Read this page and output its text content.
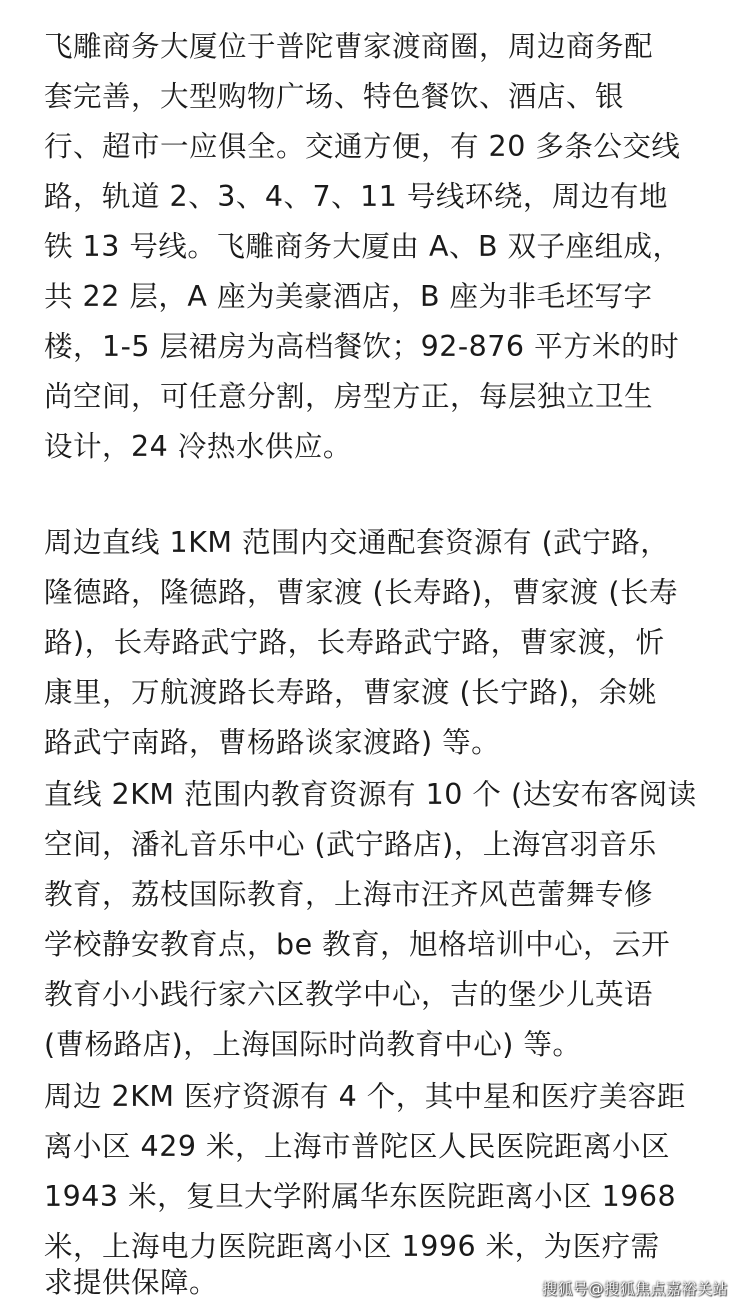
飞雕商务大厦位于普陀曹家渡商圈，周边商务配
套完善，大型购物广场、特色餐饮、酒店、银
行、超市一应俱全。交通方便，有 20 多条公交线
路，轨道 2、3、4、7、11 号线环绕，周边有地
铁 13 号线。飞雕商务大厦由 A、B 双子座组成，
共 22 层，A 座为美豪酒店，B 座为非毛坯写字
楼，1-5 层裙房为高档餐饮；92-876 平方米的时
尚空间，可任意分割，房型方正，每层独立卫生
设计，24 冷热水供应。
周边直线 1KM 范围内交通配套资源有 (武宁路，
隆德路，隆德路，曹家渡 (长寿路)，曹家渡 (长寿
路)，长寿路武宁路，长寿路武宁路，曹家渡，忻
康里，万航渡路长寿路，曹家渡 (长宁路)，余姚
路武宁南路，曹杨路谈家渡路) 等。
直线 2KM 范围内教育资源有 10 个 (达安布客阅读
空间，潘礼音乐中心 (武宁路店)，上海宫羽音乐
教育，荔枝国际教育，上海市汪齐风芭蕾舞专修
学校静安教育点，be 教育，旭格培训中心，云开
教育小小践行家六区教学中心，吉的堡少儿英语
(曹杨路店)，上海国际时尚教育中心) 等。
周边 2KM 医疗资源有 4 个，其中星和医疗美容距
离小区 429 米，上海市普陀区人民医院距离小区
1943 米，复旦大学附属华东医院距离小区 1968
米，上海电力医院距离小区 1996 米，为医疗需
求提供保障。	搜狐号@搜狐焦点嘉裕关站
